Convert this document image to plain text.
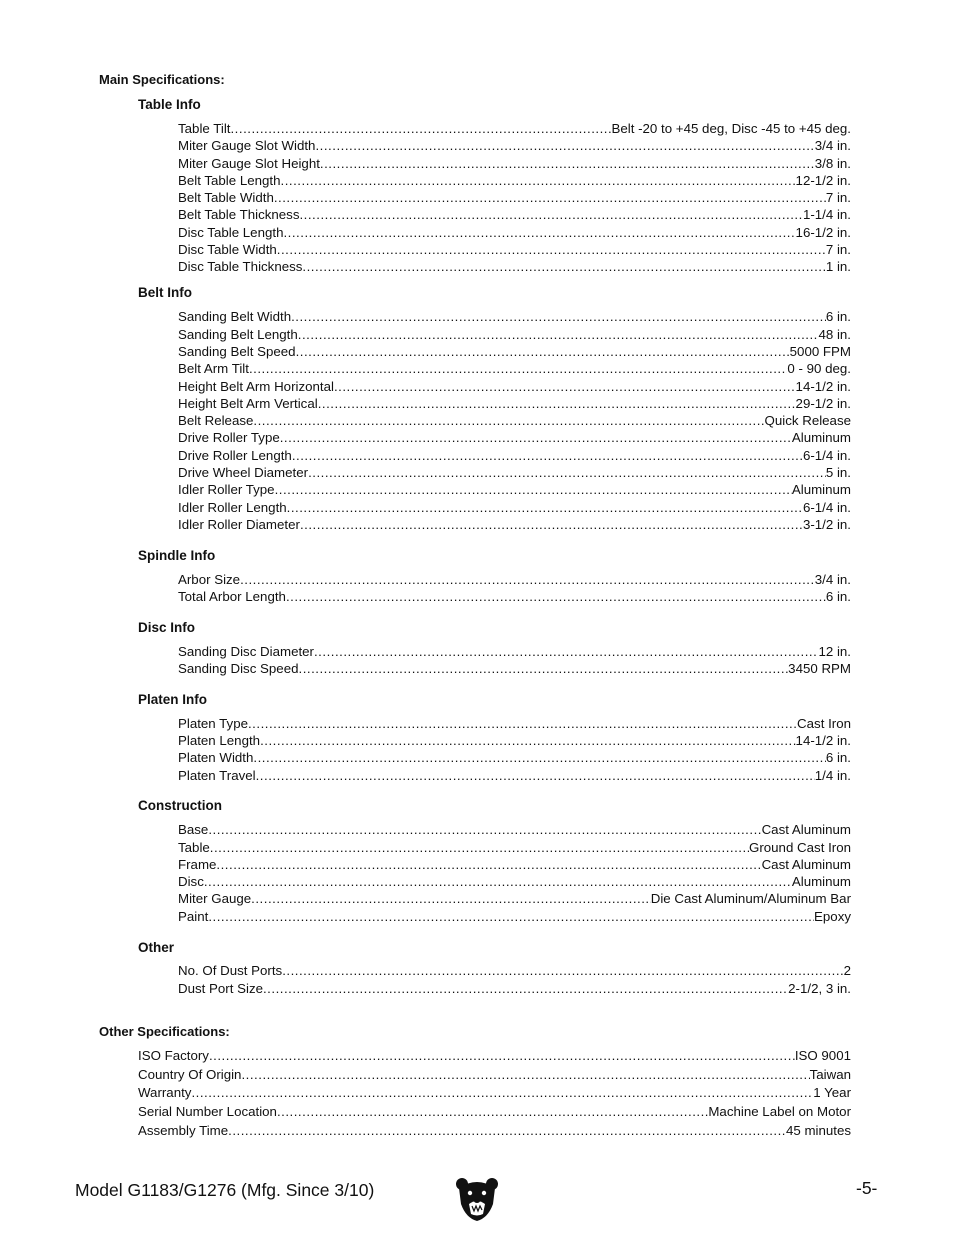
Main Specifications:
Table Info
Table Tilt .....	Belt -20 to +45 deg, Disc -45 to +45 deg.
Miter Gauge Slot Width .....	3/4 in.
Miter Gauge Slot Height .....	3/8 in.
Belt Table Length .....	12-1/2 in.
Belt Table Width .....	7 in.
Belt Table Thickness .....	1-1/4 in.
Disc Table Length .....	16-1/2 in.
Disc Table Width .....	7 in.
Disc Table Thickness .....	1 in.
Belt Info
Sanding Belt Width .....	6 in.
Sanding Belt Length .....	48 in.
Sanding Belt Speed .....	5000 FPM
Belt Arm Tilt .....	0 - 90 deg.
Height Belt Arm Horizontal .....	14-1/2 in.
Height Belt Arm Vertical .....	29-1/2 in.
Belt Release .....	Quick Release
Drive Roller Type .....	Aluminum
Drive Roller Length .....	6-1/4 in.
Drive Wheel Diameter .....	5 in.
Idler Roller Type .....	Aluminum
Idler Roller Length .....	6-1/4 in.
Idler Roller Diameter .....	3-1/2 in.
Spindle Info
Arbor Size .....	3/4 in.
Total Arbor Length .....	6 in.
Disc Info
Sanding Disc Diameter .....	12 in.
Sanding Disc Speed .....	3450 RPM
Platen Info
Platen Type .....	Cast Iron
Platen Length .....	14-1/2 in.
Platen Width .....	6 in.
Platen Travel .....	1/4 in.
Construction
Base .....	Cast Aluminum
Table .....	Ground Cast Iron
Frame .....	Cast Aluminum
Disc .....	Aluminum
Miter Gauge .....	Die Cast Aluminum/Aluminum Bar
Paint .....	Epoxy
Other
No. Of Dust Ports .....	2
Dust Port Size .....	2-1/2, 3 in.
Other Specifications:
ISO Factory .....	ISO 9001
Country Of Origin .....	Taiwan
Warranty .....	1 Year
Serial Number Location .....	Machine Label on Motor
Assembly Time .....	45 minutes
Model G1183/G1276 (Mfg. Since 3/10)	-5-
